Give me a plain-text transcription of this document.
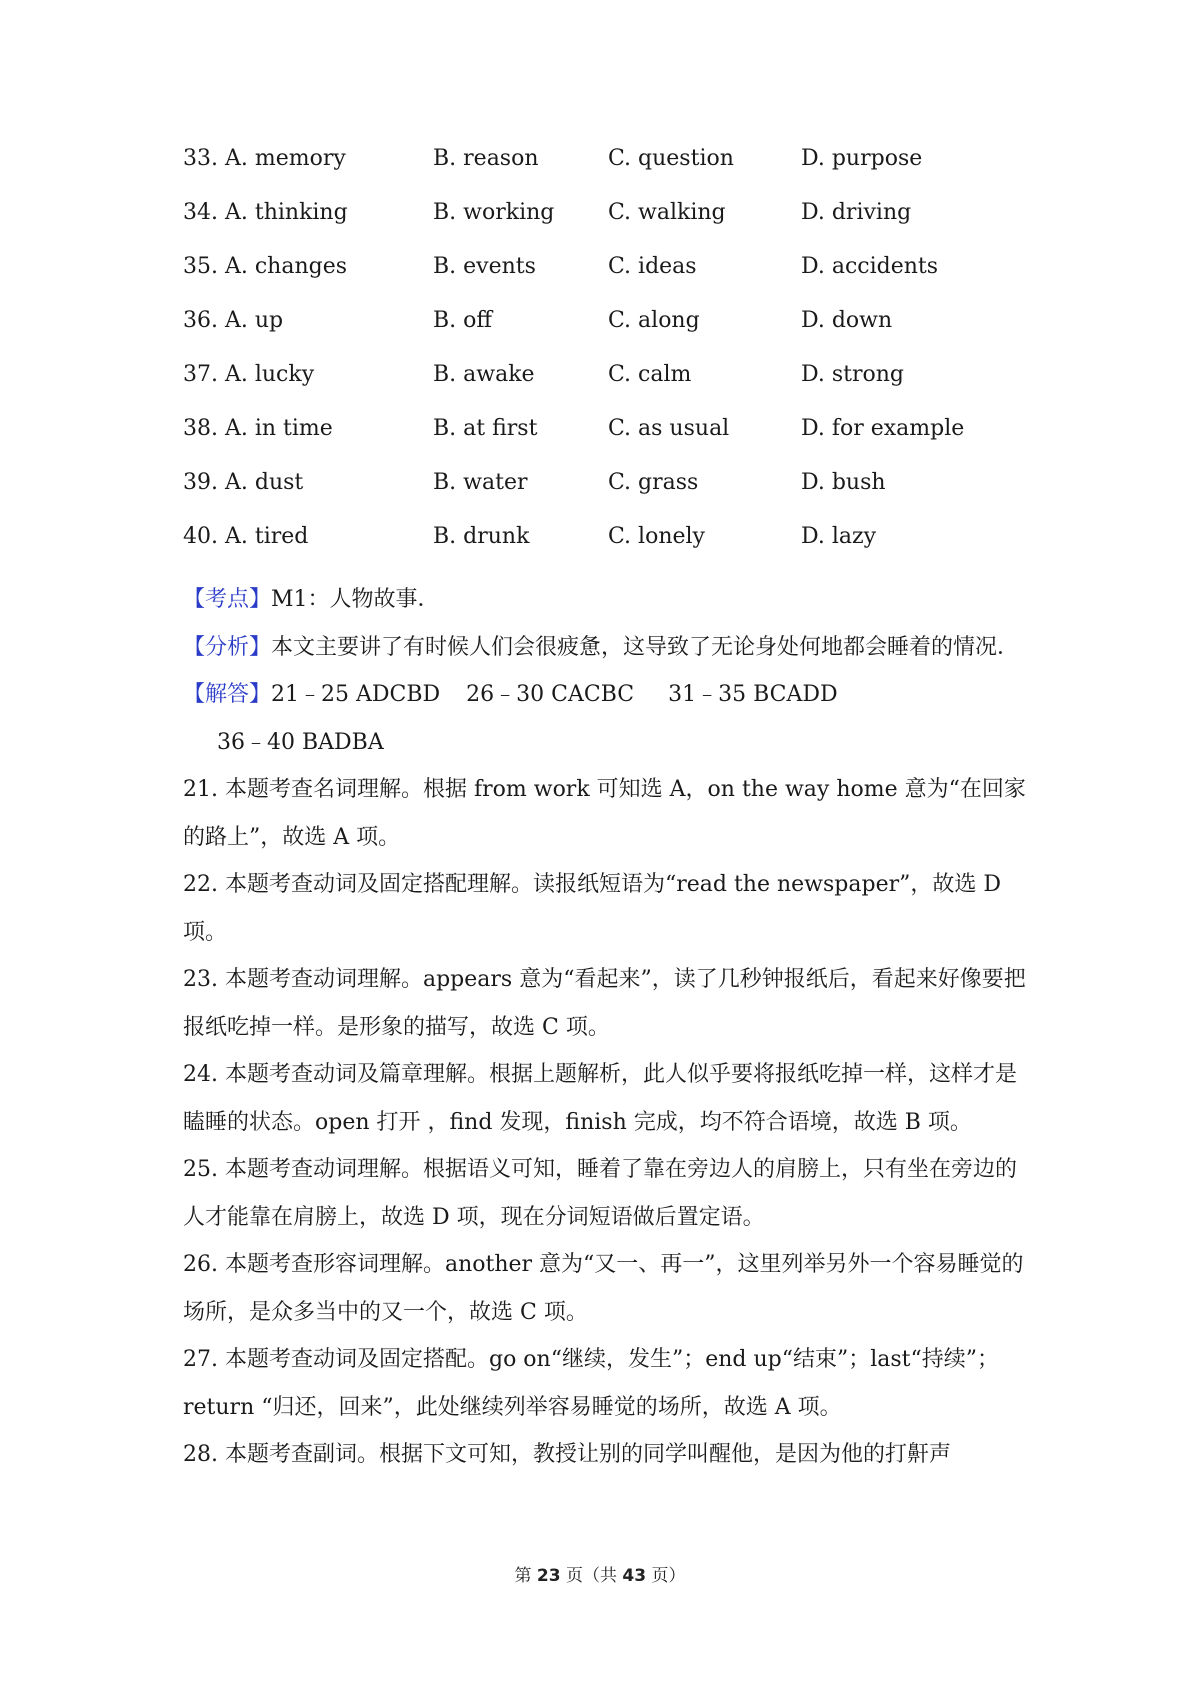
33. A. memory	B. reason	C. question	D. purpose
34. A. thinking	B. working C. walking	D. driving
35. A. changes	B. events	C. ideas	D. accidents
36. A. up	B. off	C. along	D. down
37. A. lucky	B. awake	C. calm	D. strong
38. A. in time	B. at first	C. as usual	D. for example
39. A. dust	B. water	C. grass	D. bush
40. A. tired	B. drunk	C. lonely	D. lazy

【考点】M1：人物故事．

【分析】本文主要讲了有时候人们会很疲惫，这导致了无论身处何地都会睡着的情况．

【解答】21﹣25 ADCBD 26﹣30 CACBC 31﹣35 BCADD36﹣40 BADBA

21. 本题考查名词理解。根据 from work 可知选 A，on the way home 意为“在回家的路上”，故选 A 项。

22. 本题考查动词及固定搭配理解。读报纸短语为“read the newspaper”，故选 D 项。

23. 本题考查动词理解。appears 意为“看起来”，读了几秒钟报纸后，看起来好像要把报纸吃掉一样。是形象的描写，故选 C 项。

24. 本题考查动词及篇章理解。根据上题解析，此人似乎要将报纸吃掉一样，这样才是瞌睡的状态。open 打开 ，find 发现，finish 完成，均不符合语境，故选 B 项。

25. 本题考查动词理解。根据语义可知，睡着了靠在旁边人的肩膀上，只有坐在旁边的人才能靠在肩膀上，故选 D 项，现在分词短语做后置定语。

26. 本题考查形容词理解。another 意为“又一、再一”，这里列举另外一个容易睡觉的场所，是众多当中的又一个，故选 C 项。

27. 本题考查动词及固定搭配。go on“继续，发生”；end up“结束”；last“持续”；return “归还，回来”，此处继续列举容易睡觉的场所，故选 A 项。

28. 本题考查副词。根据下文可知，教授让别的同学叫醒他，是因为他的打鼾声

第 23 页（共 43 页）
